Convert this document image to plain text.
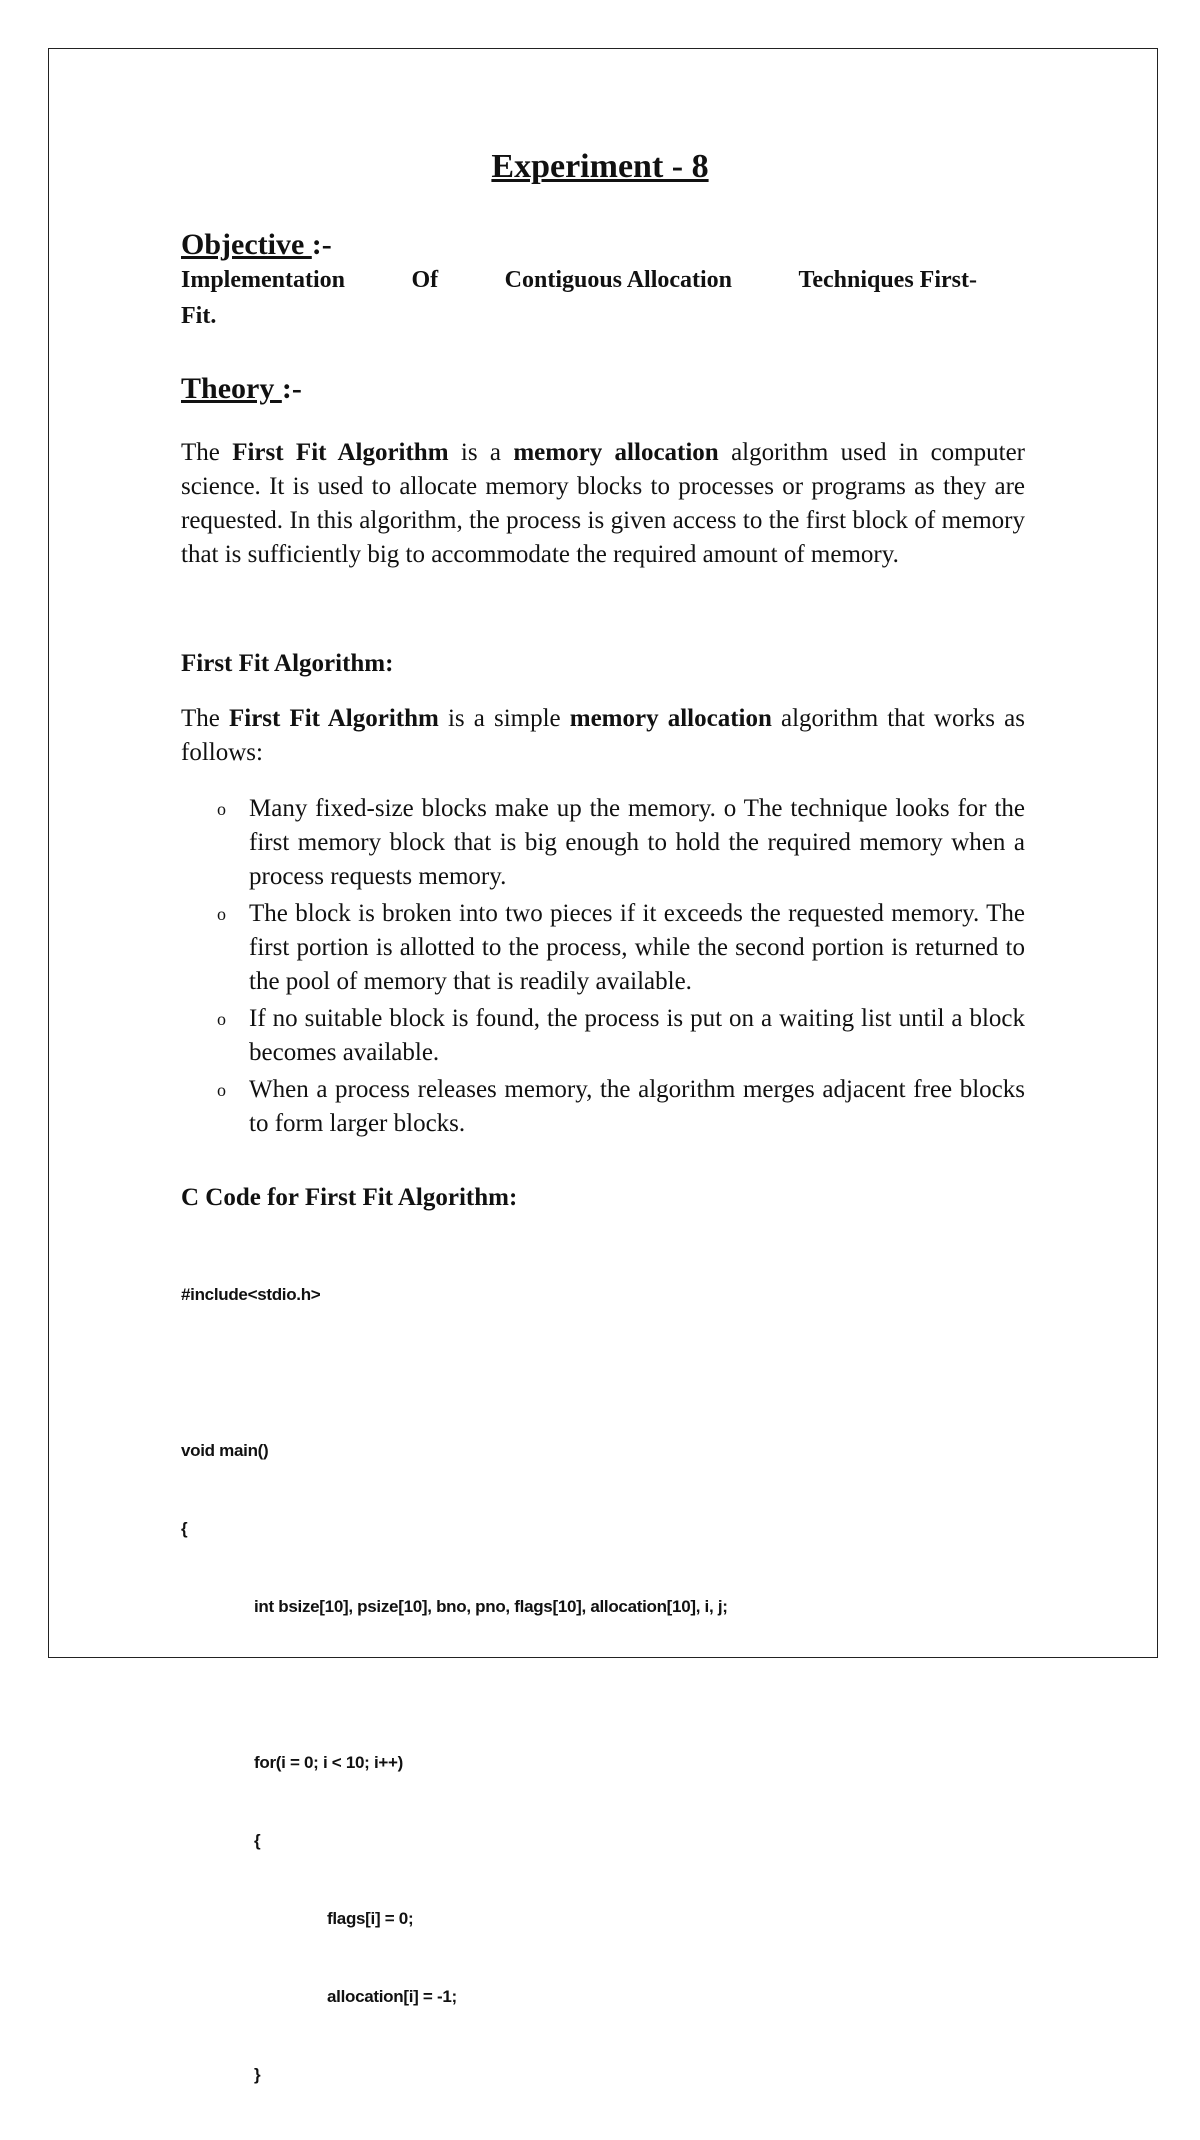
Experiment - 8
Objective :-
Implementation	Of	Contiguous Allocation	Techniques First-
Fit.
Theory :-
The First Fit Algorithm is a memory allocation algorithm used in computer science. It is used to allocate memory blocks to processes or programs as they are requested. In this algorithm, the process is given access to the first block of memory that is sufficiently big to accommodate the required amount of memory.
First Fit Algorithm:
The First Fit Algorithm is a simple memory allocation algorithm that works as follows:
o Many fixed-size blocks make up the memory. o The technique looks for the first memory block that is big enough to hold the required memory when a process requests memory.
o The block is broken into two pieces if it exceeds the requested memory. The first portion is allotted to the process, while the second portion is returned to the pool of memory that is readily available.
o If no suitable block is found, the process is put on a waiting list until a block becomes available.
o When a process releases memory, the algorithm merges adjacent free blocks to form larger blocks.
C Code for First Fit Algorithm:

#include<stdio.h>

void main()

{

int bsize[10], psize[10], bno, pno, flags[10], allocation[10], i, j;

for(i = 0; i < 10; i++)

{

flags[i] = 0;

allocation[i] = -1;

}
